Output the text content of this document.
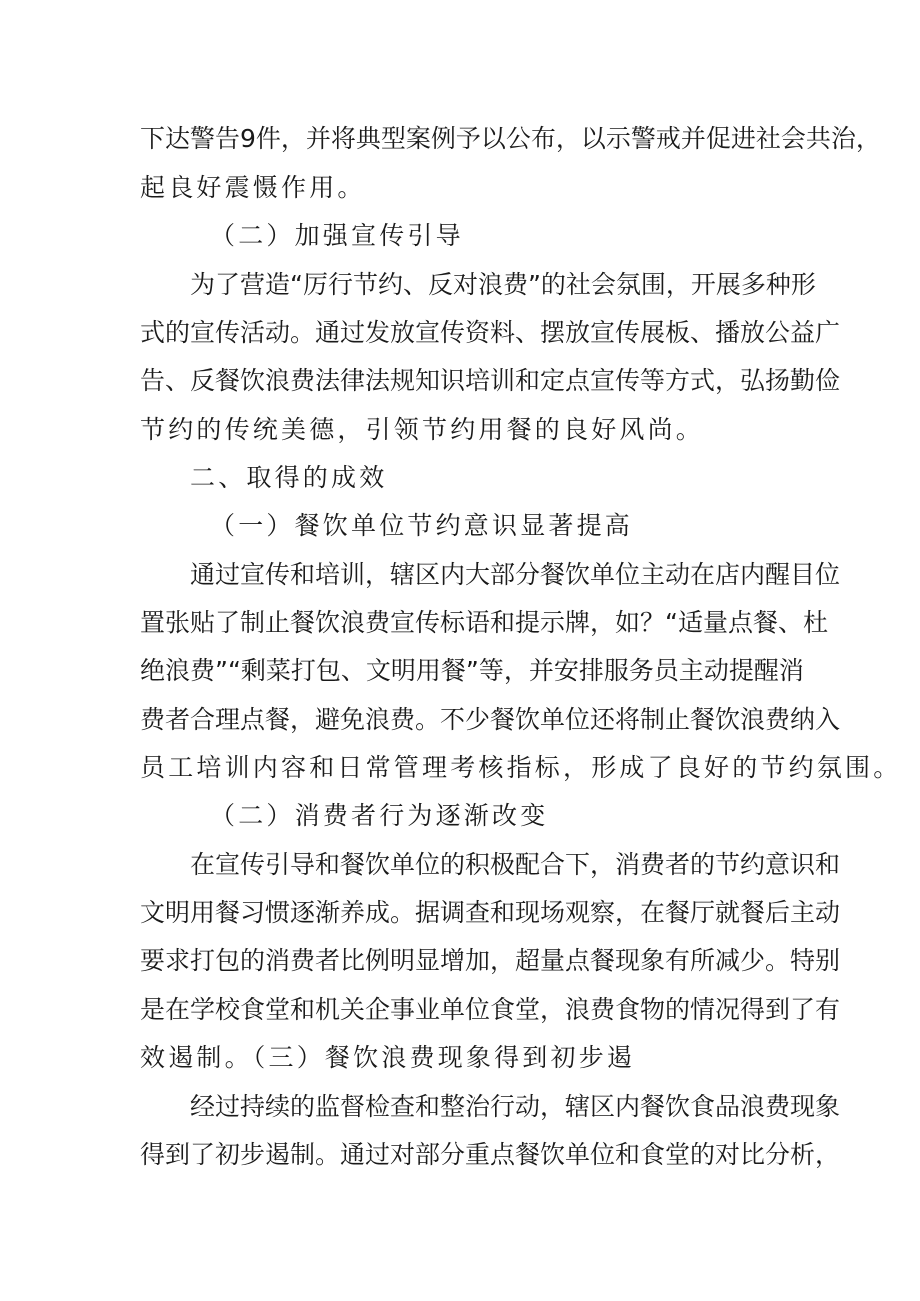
下达警告9件，并将典型案例予以公布，以示警戒并促进社会共治，
起良好震慑作用。
（二）加强宣传引导
为了营造“厉行节约、反对浪费”的社会氛围，开展多种形
式的宣传活动。通过发放宣传资料、摆放宣传展板、播放公益广
告、反餐饮浪费法律法规知识培训和定点宣传等方式，弘扬勤俭
节约的传统美德，引领节约用餐的良好风尚。
二、取得的成效
（一）餐饮单位节约意识显著提高
通过宣传和培训，辖区内大部分餐饮单位主动在店内醒目位
置张贴了制止餐饮浪费宣传标语和提示牌，如？“适量点餐、杜
绝浪费”“剩菜打包、文明用餐”等，并安排服务员主动提醒消
费者合理点餐，避免浪费。不少餐饮单位还将制止餐饮浪费纳入
员工培训内容和日常管理考核指标，形成了良好的节约氛围。
（二）消费者行为逐渐改变
在宣传引导和餐饮单位的积极配合下，消费者的节约意识和
文明用餐习惯逐渐养成。据调查和现场观察，在餐厅就餐后主动
要求打包的消费者比例明显增加，超量点餐现象有所减少。特别
是在学校食堂和机关企事业单位食堂，浪费食物的情况得到了有
效遏制。（三）餐饮浪费现象得到初步遏
经过持续的监督检查和整治行动，辖区内餐饮食品浪费现象
得到了初步遏制。通过对部分重点餐饮单位和食堂的对比分析，
